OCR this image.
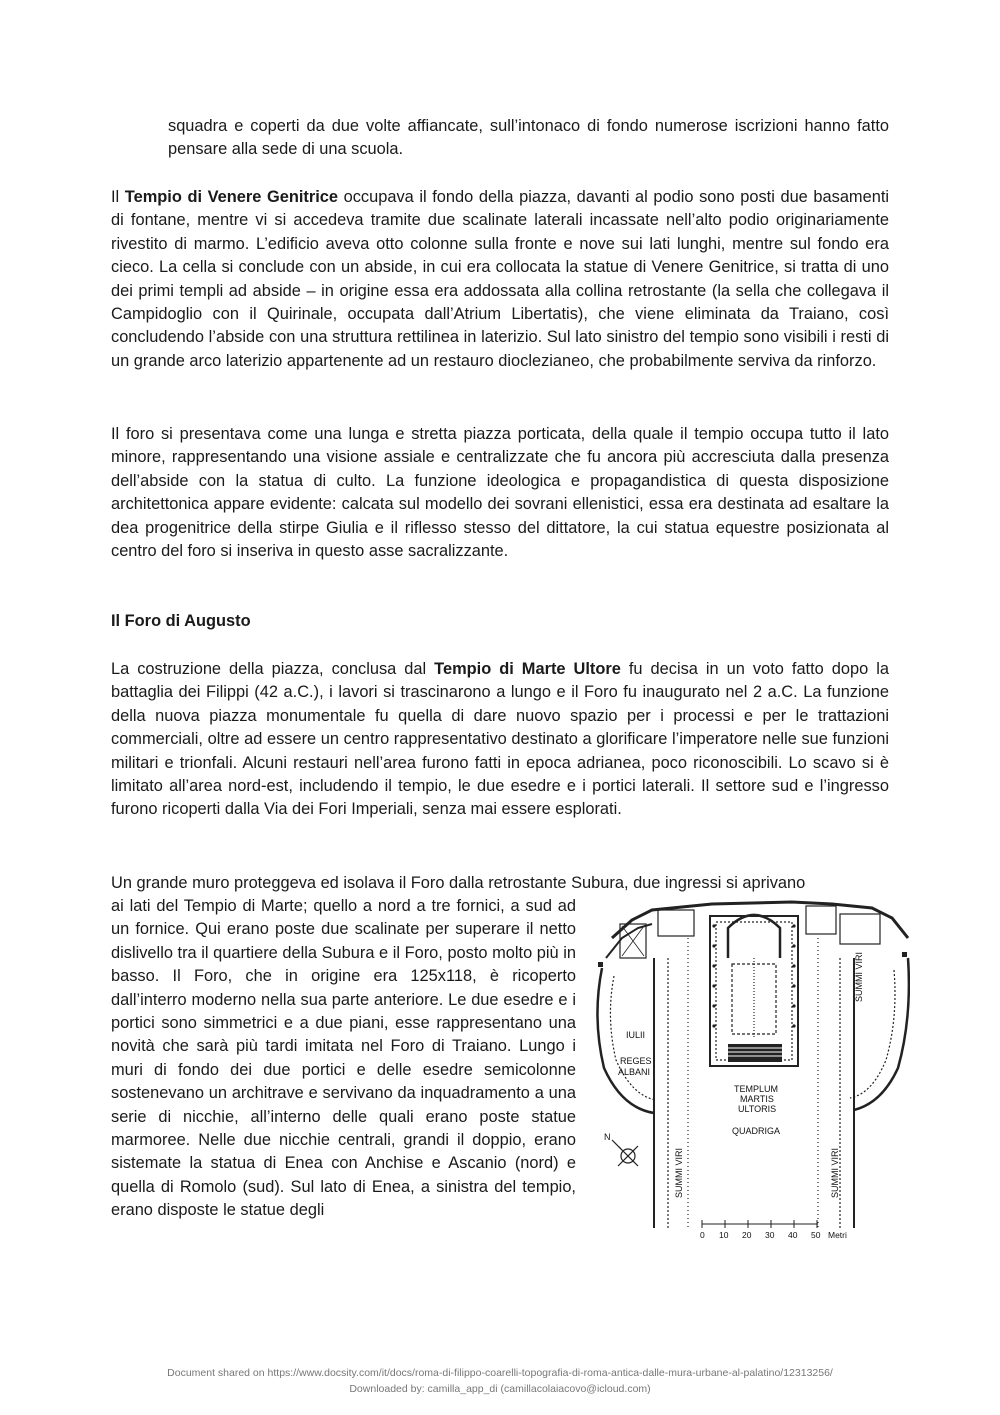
squadra e coperti da due volte affiancate, sull’intonaco di fondo numerose iscrizioni hanno fatto pensare alla sede di una scuola.

Il Tempio di Venere Genitrice occupava il fondo della piazza, davanti al podio sono posti due basamenti di fontane, mentre vi si accedeva tramite due scalinate laterali incassate nell’alto podio originariamente rivestito di marmo. L’edificio aveva otto colonne sulla fronte e nove sui lati lunghi, mentre sul fondo era cieco. La cella si conclude con un abside, in cui era collocata la statue di Venere Genitrice, si tratta di uno dei primi templi ad abside – in origine essa era addossata alla collina retrostante (la sella che collegava il Campidoglio con il Quirinale, occupata dall’Atrium Libertatis), che viene eliminata da Traiano, così concludendo l’abside con una struttura rettilinea in laterizio. Sul lato sinistro del tempio sono visibili i resti di un grande arco laterizio appartenente ad un restauro dioclezianeo, che probabilmente serviva da rinforzo.

Il foro si presentava come una lunga e stretta piazza porticata, della quale il tempio occupa tutto il lato minore, rappresentando una visione assiale e centralizzate che fu ancora più accresciuta dalla presenza dell’abside con la statua di culto. La funzione ideologica e propagandistica di questa disposizione architettonica appare evidente: calcata sul modello dei sovrani ellenistici, essa era destinata ad esaltare la dea progenitrice della stirpe Giulia e il riflesso stesso del dittatore, la cui statua equestre posizionata al centro del foro si inseriva in questo asse sacralizzante.

Il Foro di Augusto

La costruzione della piazza, conclusa dal Tempio di Marte Ultore fu decisa in un voto fatto dopo la battaglia dei Filippi (42 a.C.), i lavori si trascinarono a lungo e il Foro fu inaugurato nel 2 a.C. La funzione della nuova piazza monumentale fu quella di dare nuovo spazio per i processi e per le trattazioni commerciali, oltre ad essere un centro rappresentativo destinato a glorificare l’imperatore nelle sue funzioni militari e trionfali. Alcuni restauri nell’area furono fatti in epoca adrianea, poco riconoscibili. Lo scavo si è limitato all’area nord-est, includendo il tempio, le due esedre e i portici laterali. Il settore sud e l’ingresso furono ricoperti dalla Via dei Fori Imperiali, senza mai essere esplorati.

Un grande muro proteggeva ed isolava il Foro dalla retrostante Subura, due ingressi si aprivano

ai lati del Tempio di Marte; quello a nord a tre fornici, a sud ad un fornice. Qui erano poste due scalinate per superare il netto dislivello tra il quartiere della Subura e il Foro, posto molto più in basso. Il Foro, che in origine era 125x118, è ricoperto dall’interro moderno nella sua parte anteriore. Le due esedre e i portici sono simmetrici e a due piani, esse rappresentano una novità che sarà più tardi imitata nel Foro di Traiano. Lungo i muri di fondo dei due portici e delle esedre semicolonne sostenevano un architrave e servivano da inquadramento a una serie di nicchie, all’interno delle quali erano poste statue marmoree. Nelle due nicchie centrali, grandi il doppio, erano sistemate la statua di Enea con Anchise e Ascanio (nord) e quella di Romolo (sud). Sul lato di Enea, a sinistra del tempio, erano disposte le statue degli

IULII
REGES
ALBANI
TEMPLUM
MARTIS
ULTORIS
QUADRIGA
SUMMI VIRI	SUMMI VIRI
SUMMI VIRI
N
0 10 20 30 40 50 Metri
Document shared on https://www.docsity.com/it/docs/roma-di-filippo-coarelli-topografia-di-roma-antica-dalle-mura-urbane-al-palatino/12313256/
Downloaded by: camilla_app_di (camillacolaiacovo@icloud.com)
